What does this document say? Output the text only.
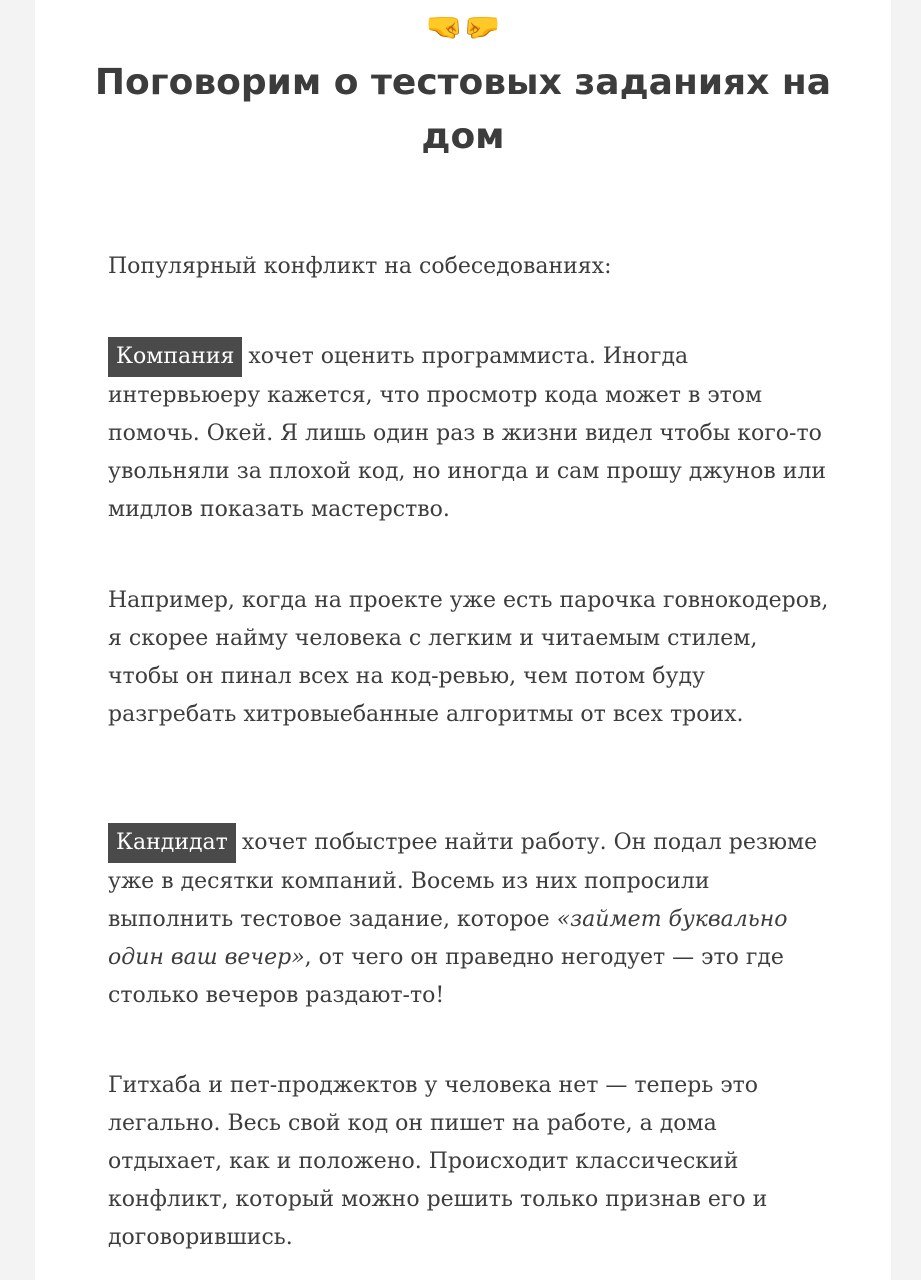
🤜🤛
Поговорим о тестовых заданиях на дом

Популярный конфликт на собеседованиях:

Компания хочет оценить программиста. Иногда интервьюеру кажется, что просмотр кода может в этом помочь. Окей. Я лишь один раз в жизни видел чтобы кого-то увольняли за плохой код, но иногда и сам прошу джунов или мидлов показать мастерство.

Например, когда на проекте уже есть парочка говнокодеров, я скорее найму человека с легким и читаемым стилем, чтобы он пинал всех на код-ревью, чем потом буду разгребать хитровыебанные алгоритмы от всех троих.

Кандидат хочет побыстрее найти работу. Он подал резюме уже в десятки компаний. Восемь из них попросили выполнить тестовое задание, которое «займет буквально один ваш вечер», от чего он праведно негодует — это где столько вечеров раздают-то!

Гитхаба и пет-проджектов у человека нет — теперь это легально. Весь свой код он пишет на работе, а дома отдыхает, как и положено. Происходит классический конфликт, который можно решить только признав его и договорившись.
